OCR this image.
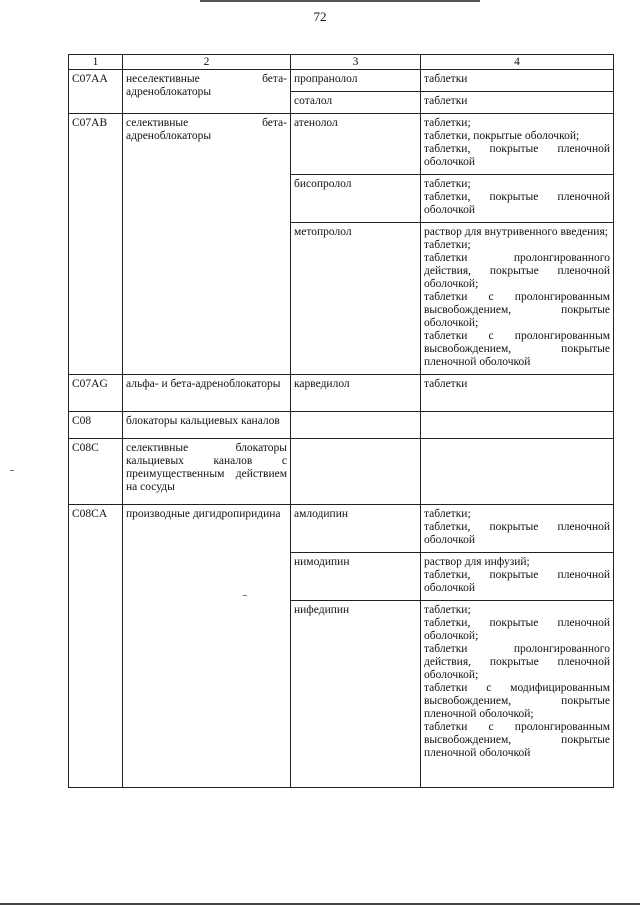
72
1	2	3	4
C07AA	неселективные бета-адреноблокаторы	пропранолол	таблетки
		соталол	таблетки
C07AB	селективные бета-адреноблокаторы	атенолол	таблетки;
таблетки, покрытые оболочкой;
таблетки, покрытые пленочной оболочкой

		бисопролол	таблетки;
таблетки, покрытые пленочной оболочкой

		метопролол	раствор для внутривенного введения;
таблетки;
таблетки пролонгированного действия, покрытые пленочной оболочкой;
таблетки с пролонгированным высвобождением, покрытые оболочкой;
таблетки с пролонгированным высвобождением, покрытые пленочной оболочкой

C07AG	альфа- и бета-адреноблокаторы	карведилол	таблетки
C08	блокаторы кальциевых каналов		
C08C	селективные блокаторы кальциевых каналов с преимущественным действием на сосуды		
C08CA	производные дигидропиридина	амлодипин	таблетки;
таблетки, покрытые пленочной оболочкой

		нимодипин	раствор для инфузий;
таблетки, покрытые пленочной оболочкой

		нифедипин	таблетки;
таблетки, покрытые пленочной оболочкой;
таблетки пролонгированного действия, покрытые пленочной оболочкой;
таблетки с модифицированным высвобождением, покрытые пленочной оболочкой;
таблетки с пролонгированным высвобождением, покрытые пленочной оболочкой
